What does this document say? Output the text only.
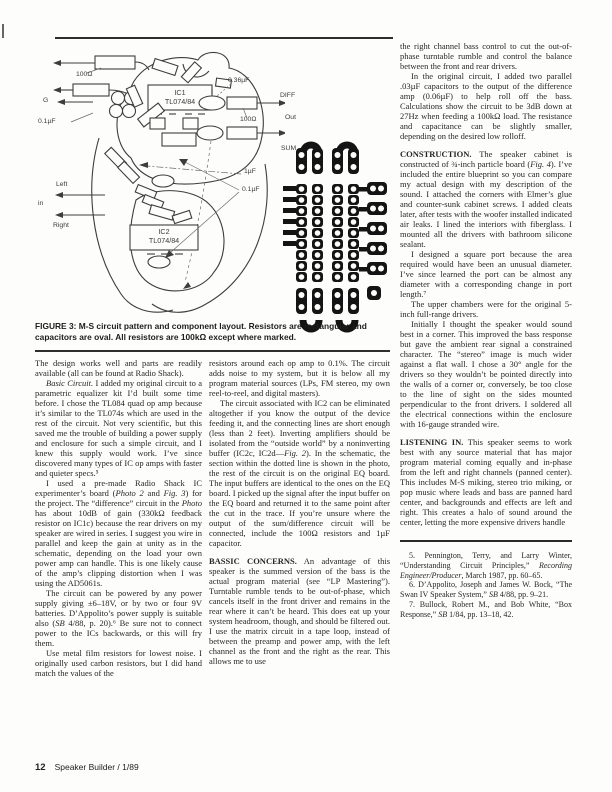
100Ω
G
0.1µF
IC1
TL074/84
0.36µF
DIFF
100Ω	Out
SUM
Left
in
Right
1µF
0.1µF
IC2
TL074/84
FIGURE 3: M-S circuit pattern and component layout. Resistors are rectangular and capacitors are oval. All resistors are 100kΩ except where marked.

The design works well and parts are readily available (all can be found at Radio Shack).

Basic Circuit. I added my original circuit to a parametric equalizer kit I’d built some time before. I chose the TL084 quad op amp because it’s similar to the TL074s which are used in the rest of the circuit. Not very scientific, but this saved me the trouble of building a power supply and enclosure for such a simple circuit, and I knew this supply would work. I’ve since discovered many types of IC op amps with faster and quieter specs.⁵

I used a pre-made Radio Shack IC experimenter’s board (Photo 2 and Fig. 3) for the project. The “difference” circuit in the Photo has about 10dB of gain (330kΩ feedback resistor on IC1c) because the rear drivers on my speaker are wired in series. I suggest you wire in parallel and keep the gain at unity as in the schematic, depending on the load your own power amp can handle. This is one likely cause of the amp’s clipping distortion when I was using the AD5061s.

The circuit can be powered by any power supply giving ±6–18V, or by two or four 9V batteries. D’Appolito’s power supply is suitable also (SB 4/88, p. 20).⁶ Be sure not to connect power to the ICs backwards, or this will fry them.

Use metal film resistors for lowest noise. I originally used carbon resistors, but I did hand match the values of the

resistors around each op amp to 0.1%. The circuit adds noise to my system, but it is below all my program material sources (LPs, FM stereo, my own reel-to-reel, and digital masters).

The circuit associated with IC2 can be eliminated altogether if you know the output of the device feeding it, and the connecting lines are short enough (less than 2 feet). Inverting amplifiers should be isolated from the “outside world” by a noninverting buffer (IC2c, IC2d—Fig. 2). In the schematic, the section within the dotted line is shown in the photo, the rest of the circuit is on the original EQ board. The input buffers are identical to the ones on the EQ board. I picked up the signal after the input buffer on the EQ board and returned it to the same point after the cut in the trace. If you’re unsure where the output of the sum/difference circuit will be connected, include the 100Ω resistors and 1µF capacitor.

BASSIC CONCERNS. An advantage of this speaker is the summed version of the bass is the actual program material (see “LP Mastering”). Turntable rumble tends to be out-of-phase, which cancels itself in the front driver and remains in the rear where it can’t be heard. This does eat up your system headroom, though, and should be filtered out. I use the matrix circuit in a tape loop, instead of between the preamp and power amp, with the left channel as the front and the right as the rear. This allows me to use

the right channel bass control to cut the out-of-phase turntable rumble and control the balance between the front and rear drivers.

In the original circuit, I added two parallel .03µF capacitors to the output of the difference amp (0.06µF) to help roll off the bass. Calculations show the circuit to be 3dB down at 27Hz when feeding a 100kΩ load. The resistance and capacitance can be slightly smaller, depending on the desired low rolloff.

CONSTRUCTION. The speaker cabinet is constructed of ¾-inch particle board (Fig. 4). I’ve included the entire blueprint so you can compare my actual design with my description of the sound. I attached the corners with Elmer’s glue and counter-sunk cabinet screws. I added cleats later, after tests with the woofer installed indicated air leaks. I lined the interiors with fiberglass. I mounted all the drivers with bathroom silicone sealant.

I designed a square port because the area required would have been an unusual diameter. I’ve since learned the port can be almost any diameter with a corresponding change in port length.⁷

The upper chambers were for the original 5-inch full-range drivers.

Initially I thought the speaker would sound best in a corner. This improved the bass response but gave the ambient rear signal a constrained character. The “stereo” image is much wider against a flat wall. I chose a 30° angle for the drivers so they wouldn’t be pointed directly into the walls of a corner or, conversely, be too close to the line of sight on the sides mounted perpendicular to the front drivers. I soldered all the electrical connections within the enclosure with 16-gauge stranded wire.

LISTENING IN. This speaker seems to work best with any source material that has major program material coming equally and in-phase from the left and right channels (panned center). This includes M-S miking, stereo trio miking, or pop music where leads and bass are panned hard center, and backgrounds and effects are left and right. This creates a halo of sound around the center, letting the more expensive drivers handle

5. Pennington, Terry, and Larry Winter, “Understanding Circuit Principles,” Recording Engineer/Producer, March 1987, pp. 60–65.

6. D’Appolito, Joseph and James W. Bock, “The Swan IV Speaker System,” SB 4/88, pp. 9–21.

7. Bullock, Robert M., and Bob White, “Box Response,” SB 1/84, pp. 13–18, 42.

12 Speaker Builder / 1/89
